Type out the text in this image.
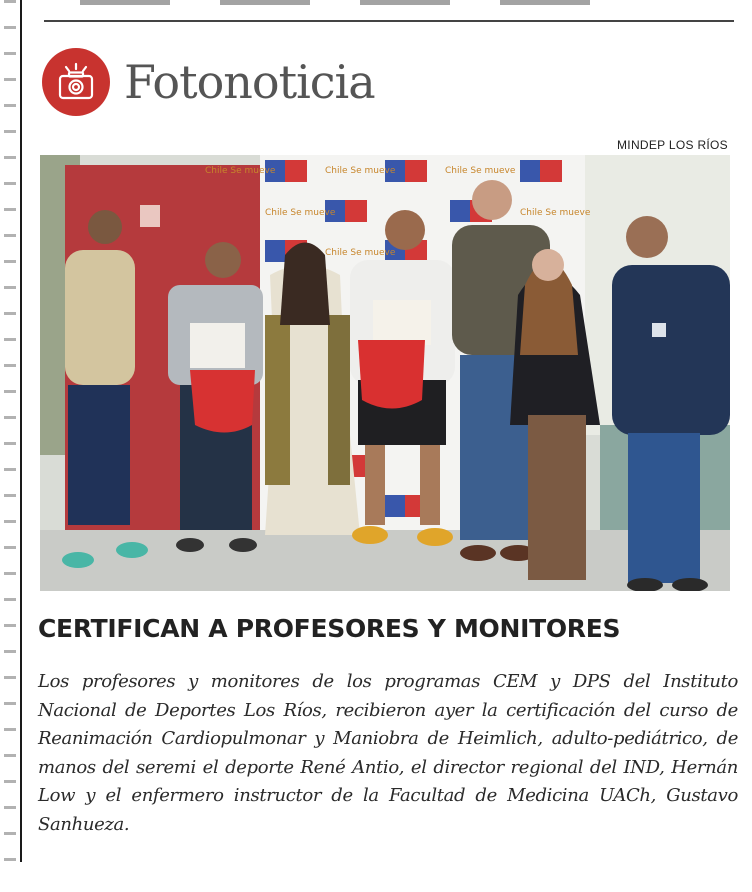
Fotonoticia
MINDEP LOS RÍOS
Chile Se mueve	Chile Se mueve	Chile Se mueve
Chile Se mueve	Chile Se mueve
Chile Se mueve
CERTIFICAN A PROFESORES Y MONITORES
Los profesores y monitores de los programas CEM y DPS del Instituto Nacional de Deportes Los Ríos, recibieron ayer la certificación del curso de Reanimación Cardiopulmonar y Maniobra de Heimlich, adulto-pediátrico, de manos del seremi el deporte René Antio, el director regional del IND, Hernán Low y el enfermero instructor de la Facultad de Medicina UACh, Gustavo Sanhueza.
